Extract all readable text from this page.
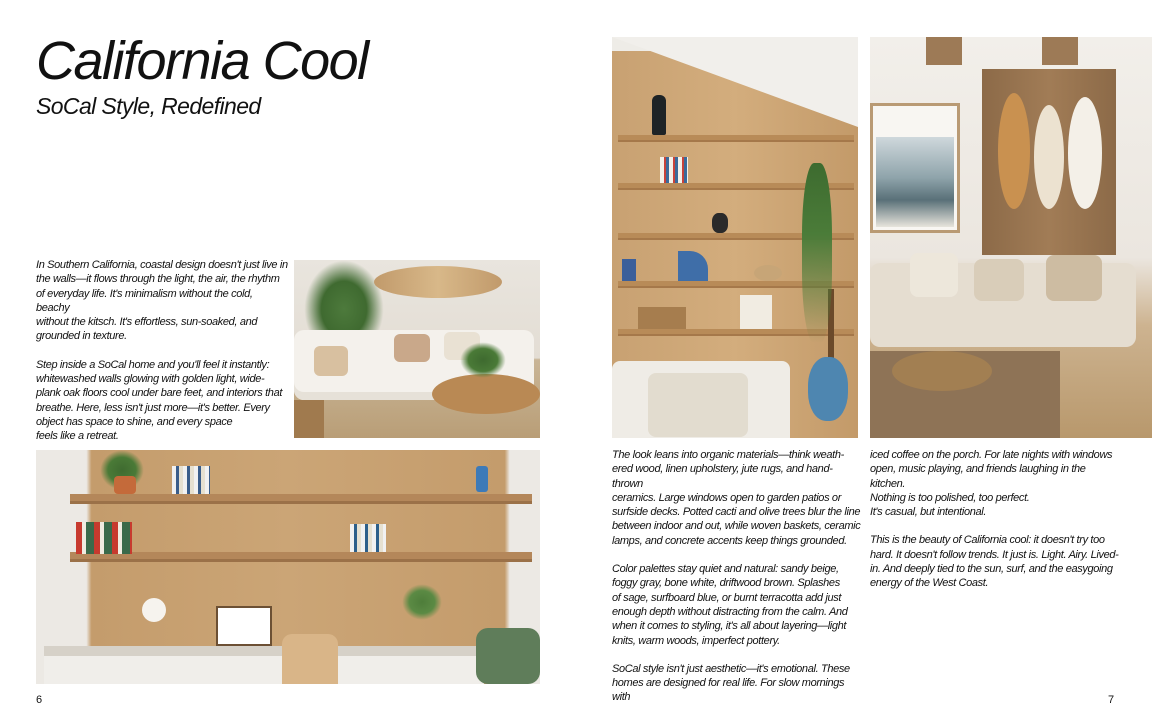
California Cool
SoCal Style, Redefined

In Southern California, coastal design doesn't just live in
the walls—it flows through the light, the air, the rhythm
of everyday life. It's minimalism without the cold, beachy
without the kitsch. It's effortless, sun-soaked, and
grounded in texture.

Step inside a SoCal home and you'll feel it instantly:
whitewashed walls glowing with golden light, wide-
plank oak floors cool under bare feet, and interiors that
breathe. Here, less isn't just more—it's better. Every
object has space to shine, and every space
feels like a retreat.

The look leans into organic materials—think weath-
ered wood, linen upholstery, jute rugs, and hand-thrown
ceramics. Large windows open to garden patios or
surfside decks. Potted cacti and olive trees blur the line
between indoor and out, while woven baskets, ceramic
lamps, and concrete accents keep things grounded.

Color palettes stay quiet and natural: sandy beige,
foggy gray, bone white, driftwood brown. Splashes
of sage, surfboard blue, or burnt terracotta add just
enough depth without distracting from the calm. And
when it comes to styling, it's all about layering—light
knits, warm woods, imperfect pottery.

SoCal style isn't just aesthetic—it's emotional. These
homes are designed for real life. For slow mornings with

iced coffee on the porch. For late nights with windows
open, music playing, and friends laughing in the kitchen.
Nothing is too polished, too perfect.
It's casual, but intentional.

This is the beauty of California cool: it doesn't try too
hard. It doesn't follow trends. It just is. Light. Airy. Lived-
in. And deeply tied to the sun, surf, and the easygoing
energy of the West Coast.

6	7
